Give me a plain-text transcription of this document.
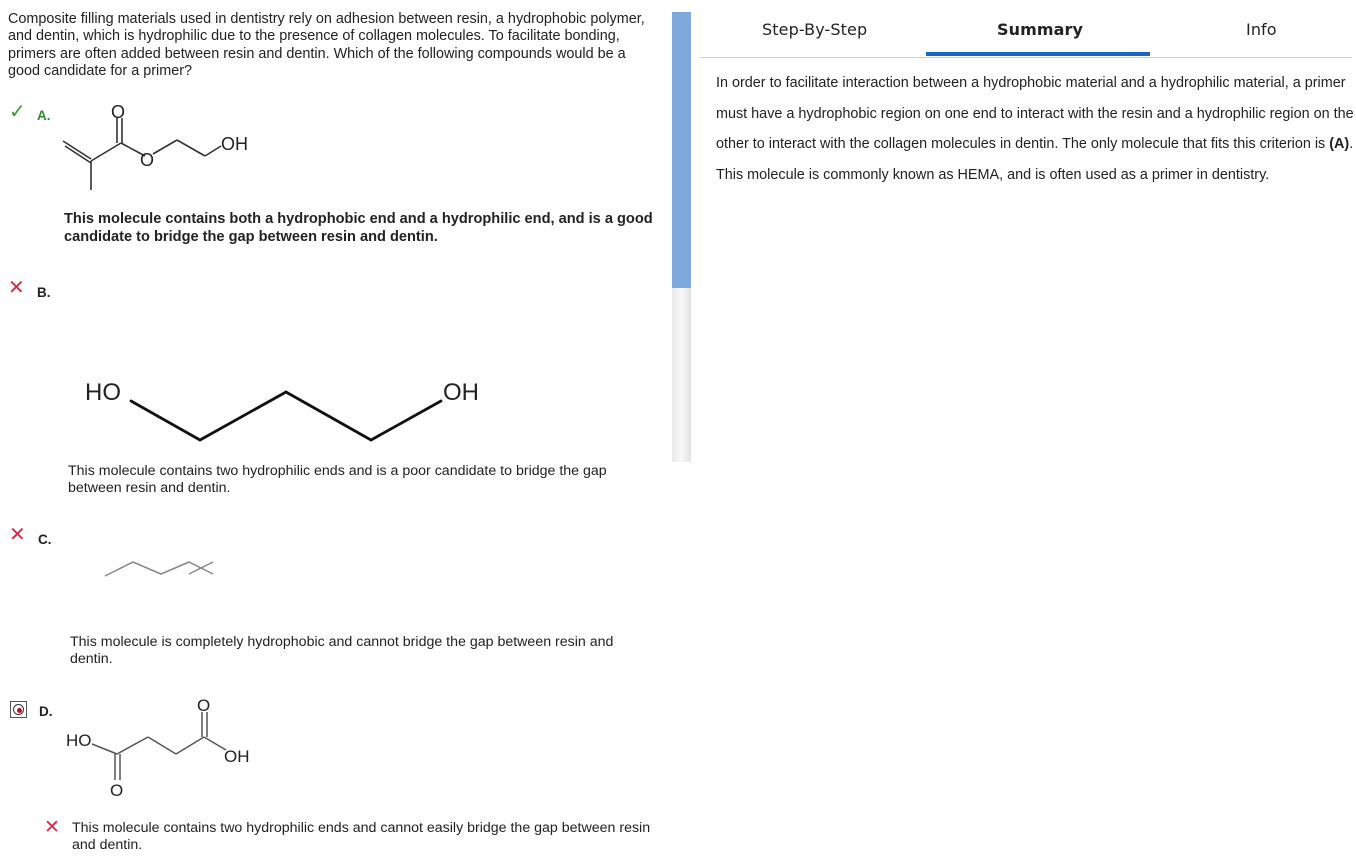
Composite filling materials used in dentistry rely on adhesion between resin, a hydrophobic polymer, and dentin, which is hydrophilic due to the presence of collagen molecules. To facilitate bonding, primers are often added between resin and dentin. Which of the following compounds would be a good candidate for a primer?
✓ A.	O
O
OH
This molecule contains both a hydrophobic end and a hydrophilic end, and is a good candidate to bridge the gap between resin and dentin.
✕ B.
HO	OH
This molecule contains two hydrophilic ends and is a poor candidate to bridge the gap between resin and dentin.
✕ C.
This molecule is completely hydrophobic and cannot bridge the gap between resin and dentin.
D.
HO
O
OH
O
✕ This molecule contains two hydrophilic ends and cannot easily bridge the gap between resin and dentin.
Step-By-Step	Summary	Info
In order to facilitate interaction between a hydrophobic material and a hydrophilic material, a primer must have a hydrophobic region on one end to interact with the resin and a hydrophilic region on the other to interact with the collagen molecules in dentin. The only molecule that fits this criterion is (A). This molecule is commonly known as HEMA, and is often used as a primer in dentistry.
